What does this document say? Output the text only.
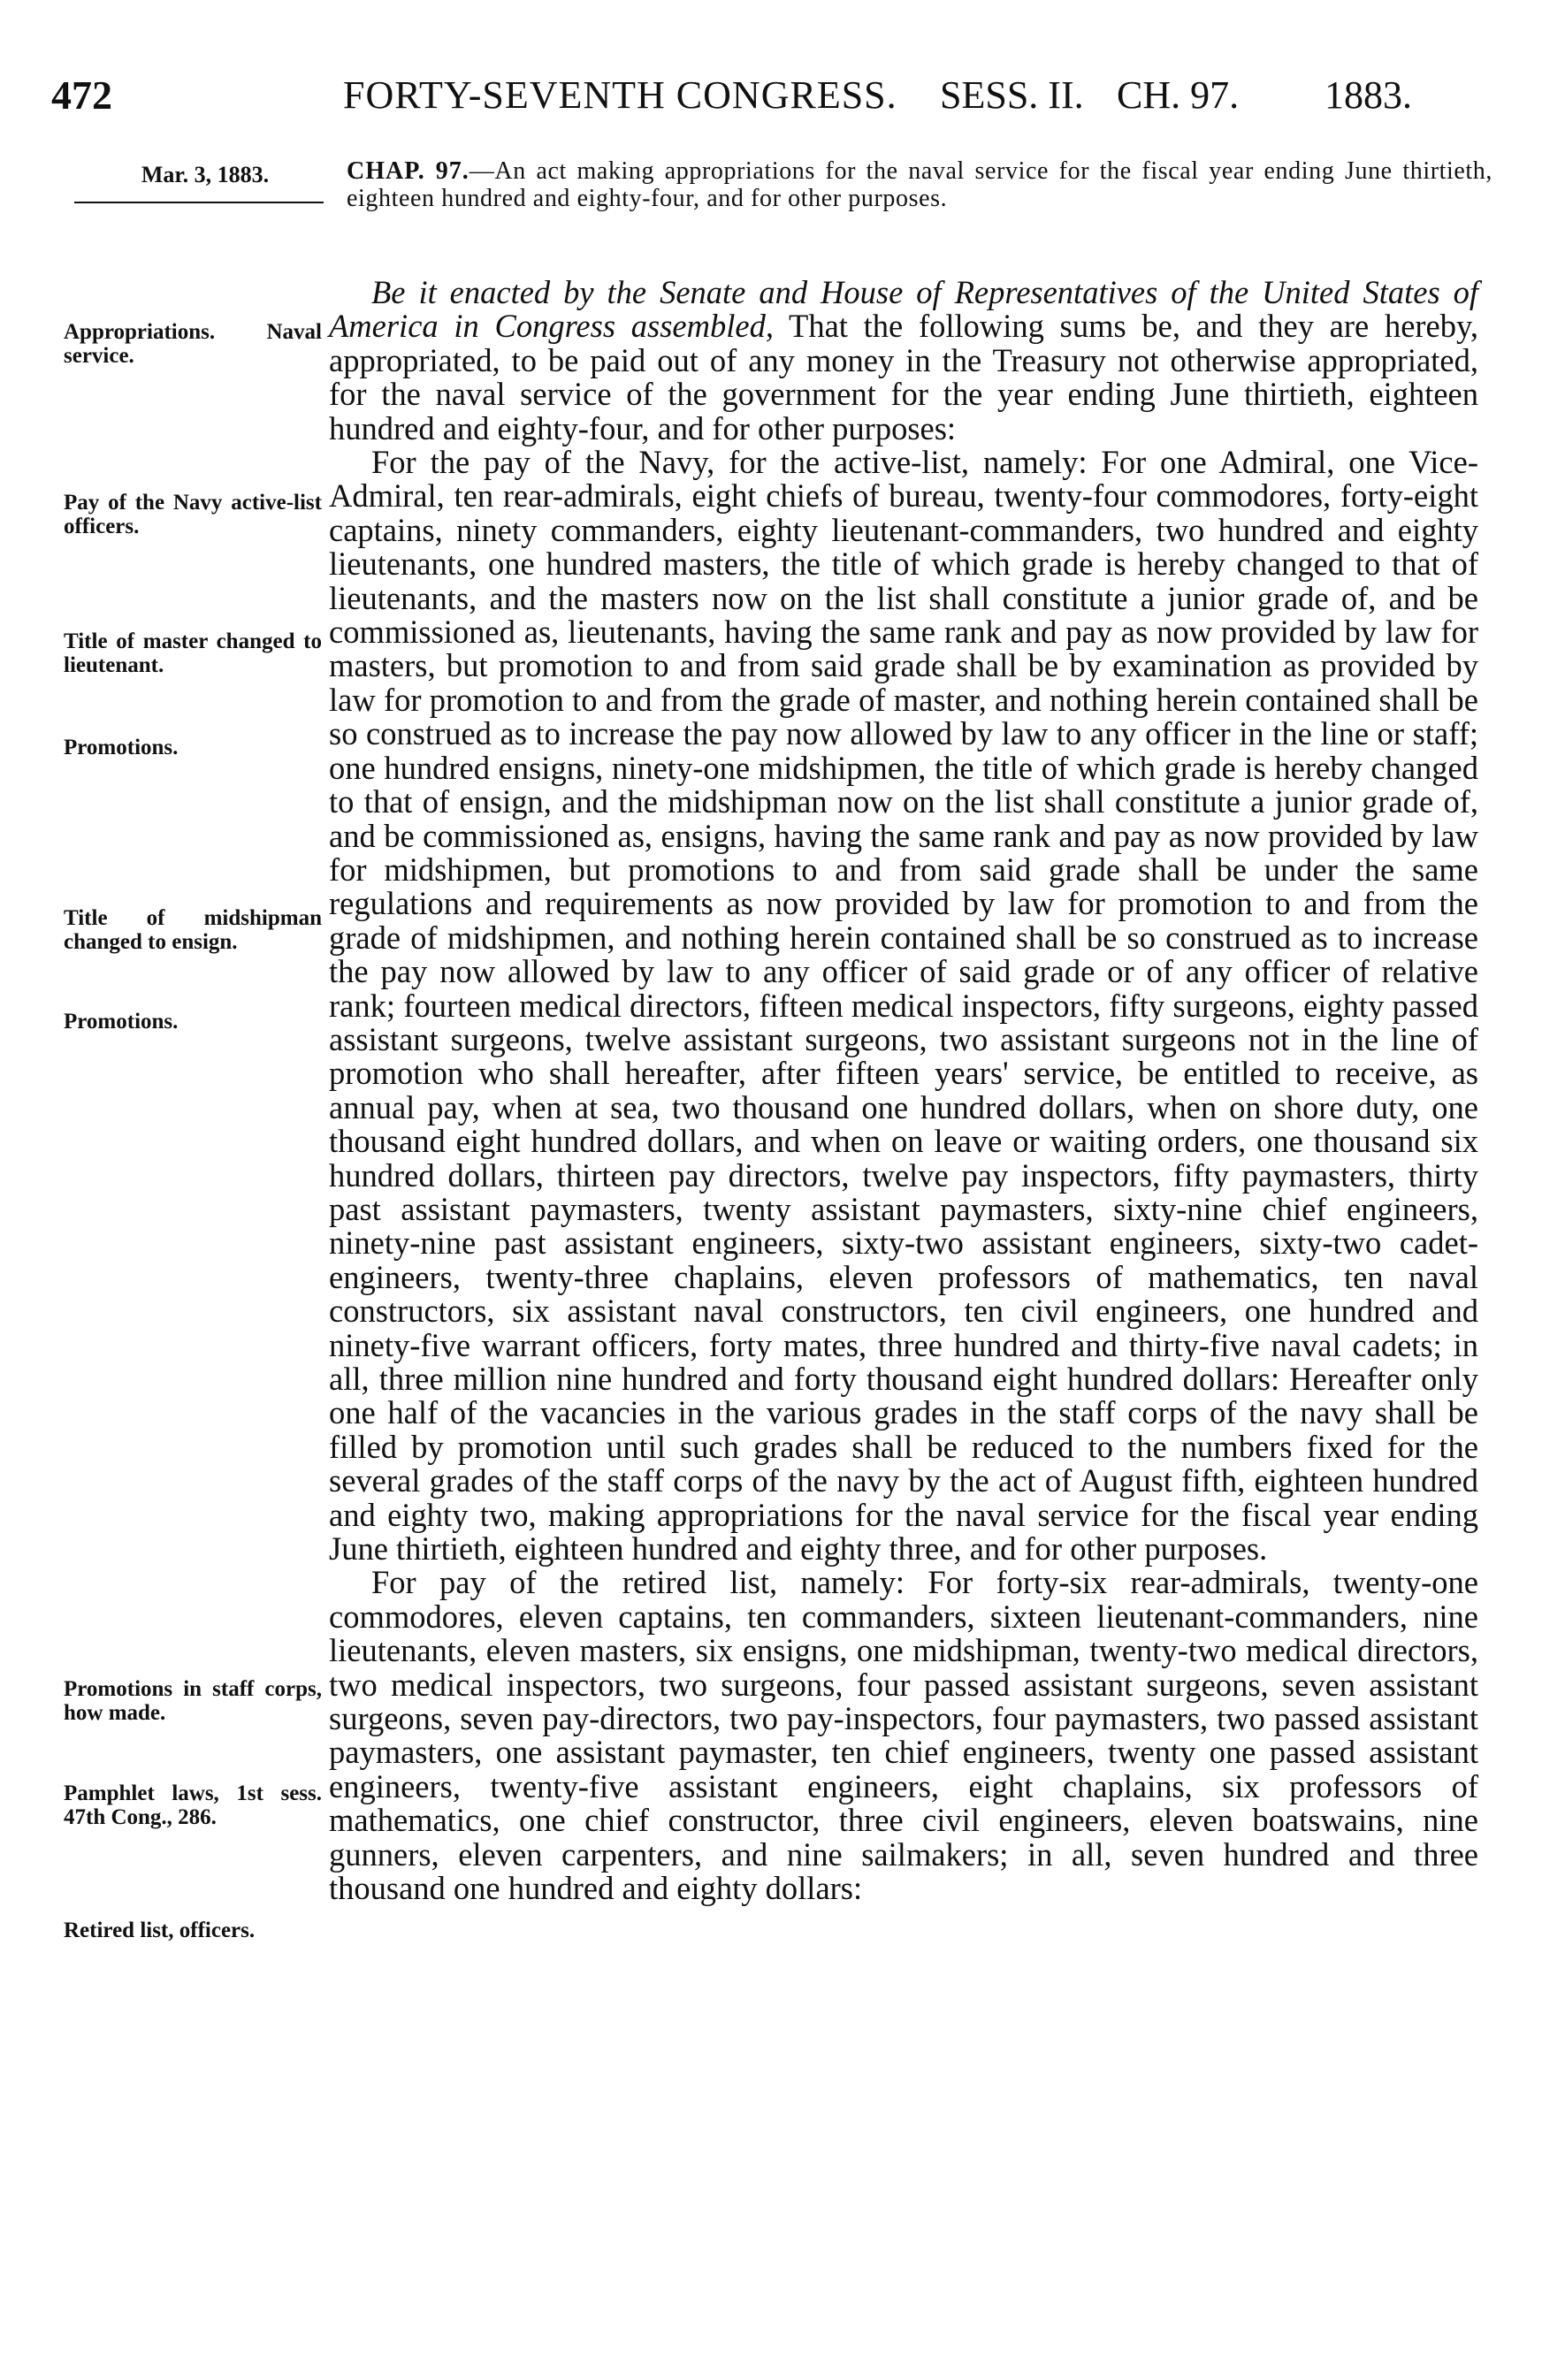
472	FORTY-SEVENTH CONGRESS. SESS. II. CH. 97. 1883.
Mar. 3, 1883.	CHAP. 97.—An act making appropriations for the naval service for the fiscal year ending June thirtieth, eighteen hundred and eighty-four, and for other purposes.
Appropriations. Naval service.
Pay of the Navy active-list officers.
Title of master changed to lieutenant.
Promotions.
Title of midshipman changed to ensign.
Promotions.
Promotions in staff corps, how made.
Pamphlet laws, 1st sess. 47th Cong., 286.
Retired list, officers.

Be it enacted by the Senate and House of Representatives of the United States of America in Congress assembled, That the following sums be, and they are hereby, appropriated, to be paid out of any money in the Treasury not otherwise appropriated, for the naval service of the government for the year ending June thirtieth, eighteen hundred and eighty-four, and for other purposes:

For the pay of the Navy, for the active-list, namely: For one Admiral, one Vice-Admiral, ten rear-admirals, eight chiefs of bureau, twenty-four commodores, forty-eight captains, ninety commanders, eighty lieutenant-commanders, two hundred and eighty lieutenants, one hundred masters, the title of which grade is hereby changed to that of lieutenants, and the masters now on the list shall constitute a junior grade of, and be commissioned as, lieutenants, having the same rank and pay as now provided by law for masters, but promotion to and from said grade shall be by examination as provided by law for promotion to and from the grade of master, and nothing herein contained shall be so construed as to increase the pay now allowed by law to any officer in the line or staff; one hundred ensigns, ninety-one midshipmen, the title of which grade is hereby changed to that of ensign, and the midshipman now on the list shall constitute a junior grade of, and be commissioned as, ensigns, having the same rank and pay as now provided by law for midshipmen, but promotions to and from said grade shall be under the same regulations and requirements as now provided by law for promotion to and from the grade of midshipmen, and nothing herein contained shall be so construed as to increase the pay now allowed by law to any officer of said grade or of any officer of relative rank; fourteen medical directors, fifteen medical inspectors, fifty surgeons, eighty passed assistant surgeons, twelve assistant surgeons, two assistant surgeons not in the line of promotion who shall hereafter, after fifteen years' service, be entitled to receive, as annual pay, when at sea, two thousand one hundred dollars, when on shore duty, one thousand eight hundred dollars, and when on leave or waiting orders, one thousand six hundred dollars, thirteen pay directors, twelve pay inspectors, fifty paymasters, thirty past assistant paymasters, twenty assistant paymasters, sixty-nine chief engineers, ninety-nine past assistant engineers, sixty-two assistant engineers, sixty-two cadet-engineers, twenty-three chaplains, eleven professors of mathematics, ten naval constructors, six assistant naval constructors, ten civil engineers, one hundred and ninety-five warrant officers, forty mates, three hundred and thirty-five naval cadets; in all, three million nine hundred and forty thousand eight hundred dollars: Hereafter only one half of the vacancies in the various grades in the staff corps of the navy shall be filled by promotion until such grades shall be reduced to the numbers fixed for the several grades of the staff corps of the navy by the act of August fifth, eighteen hundred and eighty two, making appropriations for the naval service for the fiscal year ending June thirtieth, eighteen hundred and eighty three, and for other purposes.

For pay of the retired list, namely: For forty-six rear-admirals, twenty-one commodores, eleven captains, ten commanders, sixteen lieutenant-commanders, nine lieutenants, eleven masters, six ensigns, one midshipman, twenty-two medical directors, two medical inspectors, two surgeons, four passed assistant surgeons, seven assistant surgeons, seven pay-directors, two pay-inspectors, four paymasters, two passed assistant paymasters, one assistant paymaster, ten chief engineers, twenty one passed assistant engineers, twenty-five assistant engineers, eight chaplains, six professors of mathematics, one chief constructor, three civil engineers, eleven boatswains, nine gunners, eleven carpenters, and nine sailmakers; in all, seven hundred and three thousand one hundred and eighty dollars:
